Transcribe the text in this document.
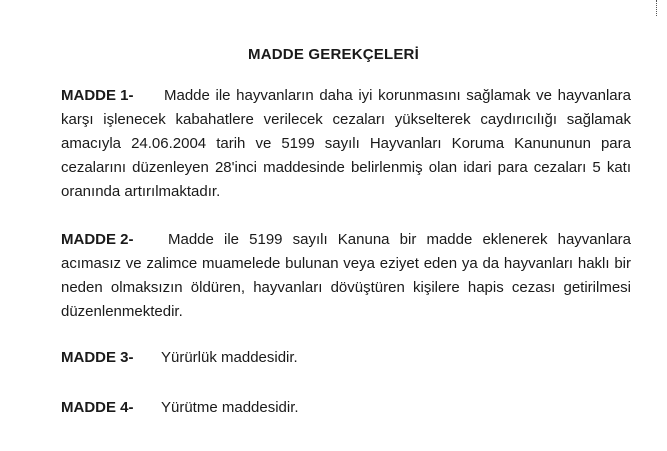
MADDE GEREKÇELERİ

MADDE 1- Madde ile hayvanların daha iyi korunmasını sağlamak ve hayvanlara karşı işlenecek kabahatlere verilecek cezaları yükselterek caydırıcılığı sağlamak amacıyla 24.06.2004 tarih ve 5199 sayılı Hayvanları Koruma Kanununun para cezalarını düzenleyen 28'inci maddesinde belirlenmiş olan idari para cezaları 5 katı oranında artırılmaktadır.

MADDE 2- Madde ile 5199 sayılı Kanuna bir madde eklenerek hayvanlara acımasız ve zalimce muamelede bulunan veya eziyet eden ya da hayvanları haklı bir neden olmaksızın öldüren, hayvanları dövüştüren kişilere hapis cezası getirilmesi düzenlenmektedir.

MADDE 3- Yürürlük maddesidir.

MADDE 4- Yürütme maddesidir.
